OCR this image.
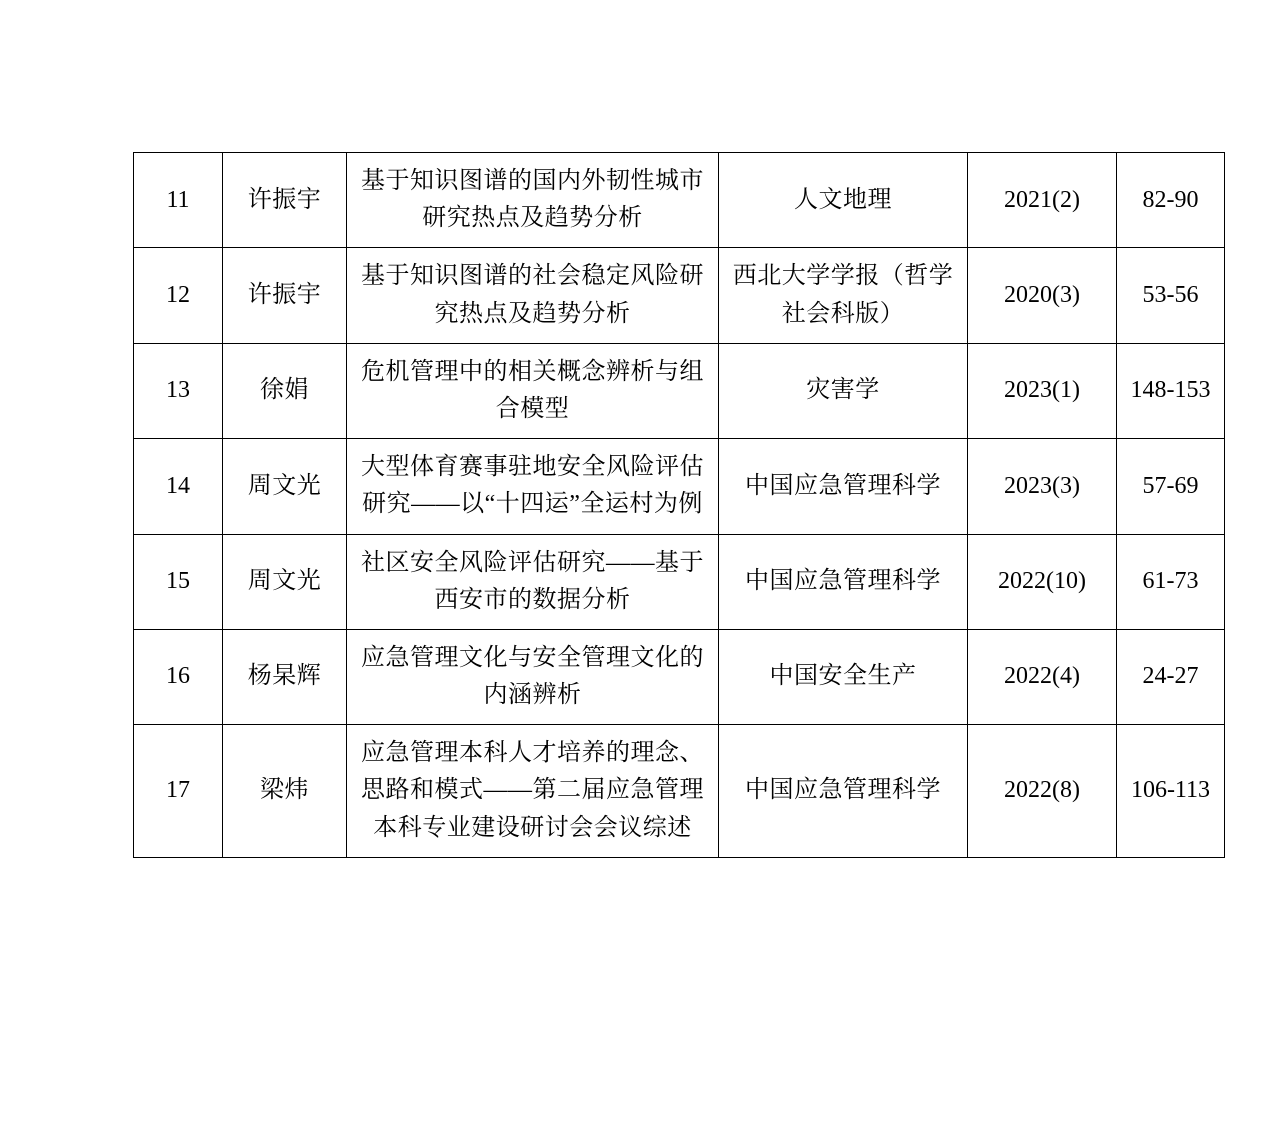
11	许振宇	基于知识图谱的国内外韧性城市研究热点及趋势分析	人文地理	2021(2)	82-90
12	许振宇	基于知识图谱的社会稳定风险研究热点及趋势分析	西北大学学报（哲学社会科版）	2020(3)	53-56
13	徐娟	危机管理中的相关概念辨析与组合模型	灾害学	2023(1)	148-153
14	周文光	大型体育赛事驻地安全风险评估研究——以“十四运”全运村为例	中国应急管理科学	2023(3)	57-69
15	周文光	社区安全风险评估研究——基于西安市的数据分析	中国应急管理科学	2022(10)	61-73
16	杨杲辉	应急管理文化与安全管理文化的内涵辨析	中国安全生产	2022(4)	24-27
17	梁炜	应急管理本科人才培养的理念、思路和模式——第二届应急管理本科专业建设研讨会会议综述	中国应急管理科学	2022(8)	106-113
